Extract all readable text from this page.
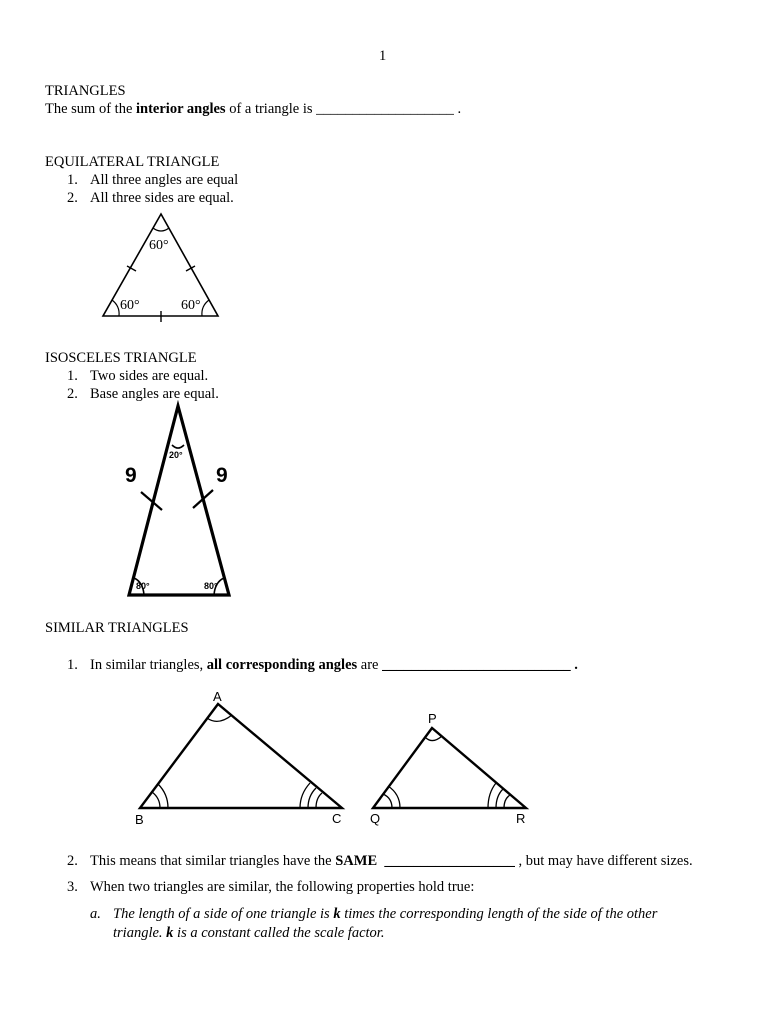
1
TRIANGLES
The sum of the interior angles of a triangle is ___________________ .
EQUILATERAL TRIANGLE
1. All three angles are equal
2. All three sides are equal.
60°
60°	60°
ISOSCELES TRIANGLE
1. Two sides are equal.
2. Base angles are equal.
9	9
20°
80°	80°
SIMILAR TRIANGLES
1. In similar triangles, all corresponding angles are __________________________ .
A
B	C
P
Q	R
2. This means that similar triangles have the SAME __________________ , but may have different sizes.
3. When two triangles are similar, the following properties hold true:
a. The length of a side of one triangle is k times the corresponding length of the side of the other
triangle. k is a constant called the scale factor.
